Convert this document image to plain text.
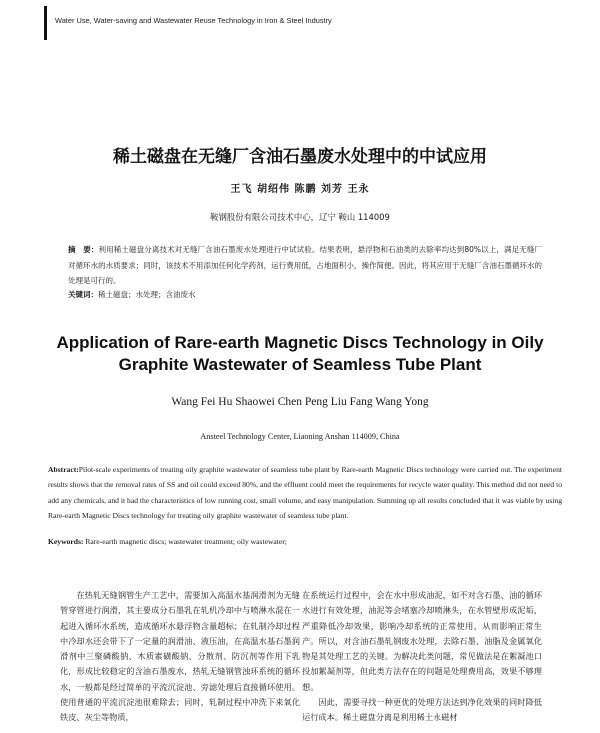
Water Use, Water-saving and Wastewater Reuse Technology in Iron & Steel Industry
稀土磁盘在无缝厂含油石墨废水处理中的中试应用
王飞 胡绍伟 陈鹏 刘芳 王永
鞍钢股份有限公司技术中心，辽宁 鞍山 114009
摘　要：利用稀土磁盘分离技术对无缝厂含油石墨废水处理进行中试试验。结果表明，悬浮物和石油类的去除率均达到80%以上，满足无缝厂对循环水的水质要求；同时，该技术不用添加任何化学药剂，运行费用低，占地面积小，操作简便。因此，将其应用于无缝厂含油石墨循环水的处理是可行的。
关键词：稀土磁盘；水处理；含油废水
Application of Rare-earth Magnetic Discs Technology in Oily
Graphite Wastewater of Seamless Tube Plant
Wang Fei Hu Shaowei Chen Peng Liu Fang Wang Yong
Ansteel Technology Center, Liaoning Anshan 114009, China
Abstract:Pilot-scale experiments of treating oily graphite wastewater of seamless tube plant by Rare-earth Magnetic Discs technology were carried out. The experiment results shows that the removal rates of SS and oil could exceed 80%, and the effluent could meet the requirements for recycle water quality. This method did not need to add any chemicals, and it had the characteristics of low running cost, small volume, and easy manipulation. Summing up all results concluded that it was viable by using Rare-earth Magnetic Discs technology for treating oily graphite wastewater of seamless tube plant.
Keywords: Rare-earth magnetic discs; wastewater treatment; oily wastewater;

在热轧无缝钢管生产工艺中，需要加入高温水基润滑剂为无缝管穿管进行润滑，其主要成分石墨乳在轧机冷却中与喷淋水混在一起进入循环水系统，造成循环水悬浮物含量超标；在轧制冷却过程中冷却水还会带下了一定量的润滑油、液压油，在高温水基石墨润滑剂中三聚磷酸钠、木质素磺酸钠、分散剂、防沉剂等作用下乳化，形成比较稳定的含油石墨废水，热轧无缝钢管浊环系统的循环水，一般都是经过简单的平流沉淀池、旁滤处理后直接循环使用。使用普通的平流沉淀池很难除去；同时，轧制过程中冲洗下来氧化铁皮、灰尘等物质，

在系统运行过程中，会在水中形成油泥，如不对含石墨、油的循环水进行有效处理，油泥等会堵塞冷却喷淋头，在水管壁形成泥垢，严重降低冷却效果，影响冷却系统的正常使用，从而影响正常生产。所以，对含油石墨轧钢废水处理，去除石墨、油脂及金属氧化物是其处理工艺的关键。为解决此类问题，常见做法是在絮凝池口投加絮凝剂等，但此类方法存在的问题是处理费用高，效果不够理想。

因此，需要寻找一种更优的处理方法达到净化效果的同时降低运行成本。稀土磁盘分离是利用稀土永磁材
